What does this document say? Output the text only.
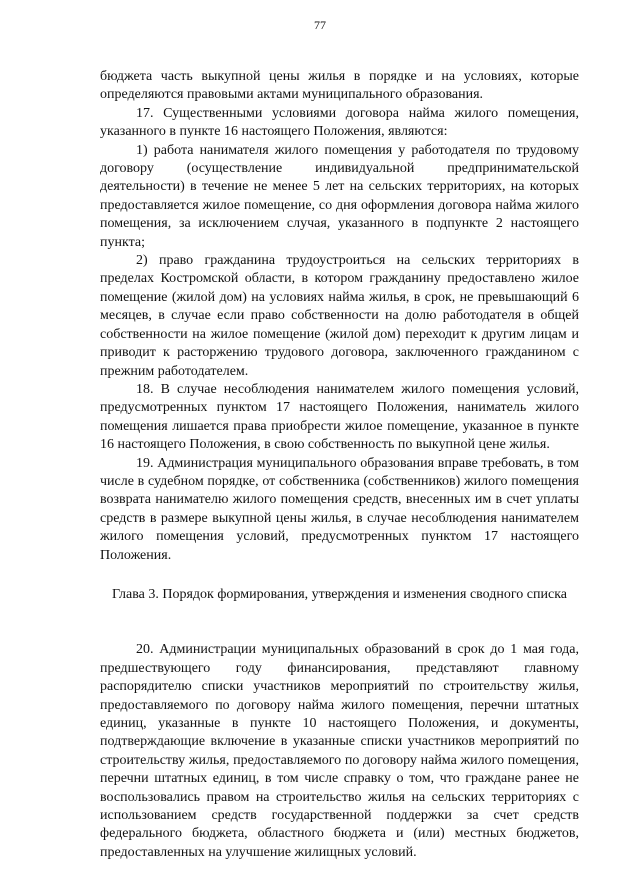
77

бюджета часть выкупной цены жилья в порядке и на условиях, которые определяются правовыми актами муниципального образования.

17. Существенными условиями договора найма жилого помещения, указанного в пункте 16 настоящего Положения, являются:

1) работа нанимателя жилого помещения у работодателя по трудовому договору (осуществление индивидуальной предпринимательской деятельности) в течение не менее 5 лет на сельских территориях, на которых предоставляется жилое помещение, со дня оформления договора найма жилого помещения, за исключением случая, указанного в подпункте 2 настоящего пункта;

2) право гражданина трудоустроиться на сельских территориях в пределах Костромской области, в котором гражданину предоставлено жилое помещение (жилой дом) на условиях найма жилья, в срок, не превышающий 6 месяцев, в случае если право собственности на долю работодателя в общей собственности на жилое помещение (жилой дом) переходит к другим лицам и приводит к расторжению трудового договора, заключенного гражданином с прежним работодателем.

18. В случае несоблюдения нанимателем жилого помещения условий, предусмотренных пунктом 17 настоящего Положения, наниматель жилого помещения лишается права приобрести жилое помещение, указанное в пункте 16 настоящего Положения, в свою собственность по выкупной цене жилья.

19. Администрация муниципального образования вправе требовать, в том числе в судебном порядке, от собственника (собственников) жилого помещения возврата нанимателю жилого помещения средств, внесенных им в счет уплаты средств в размере выкупной цены жилья, в случае несоблюдения нанимателем жилого помещения условий, предусмотренных пунктом 17 настоящего Положения.

Глава 3. Порядок формирования, утверждения и изменения сводного списка

20. Администрации муниципальных образований в срок до 1 мая года, предшествующего году финансирования, представляют главному распорядителю списки участников мероприятий по строительству жилья, предоставляемого по договору найма жилого помещения, перечни штатных единиц, указанные в пункте 10 настоящего Положения, и документы, подтверждающие включение в указанные списки участников мероприятий по строительству жилья, предоставляемого по договору найма жилого помещения, перечни штатных единиц, в том числе справку о том, что граждане ранее не воспользовались правом на строительство жилья на сельских территориях с использованием средств государственной поддержки за счет средств федерального бюджета, областного бюджета и (или) местных бюджетов, предоставленных на улучшение жилищных условий.
